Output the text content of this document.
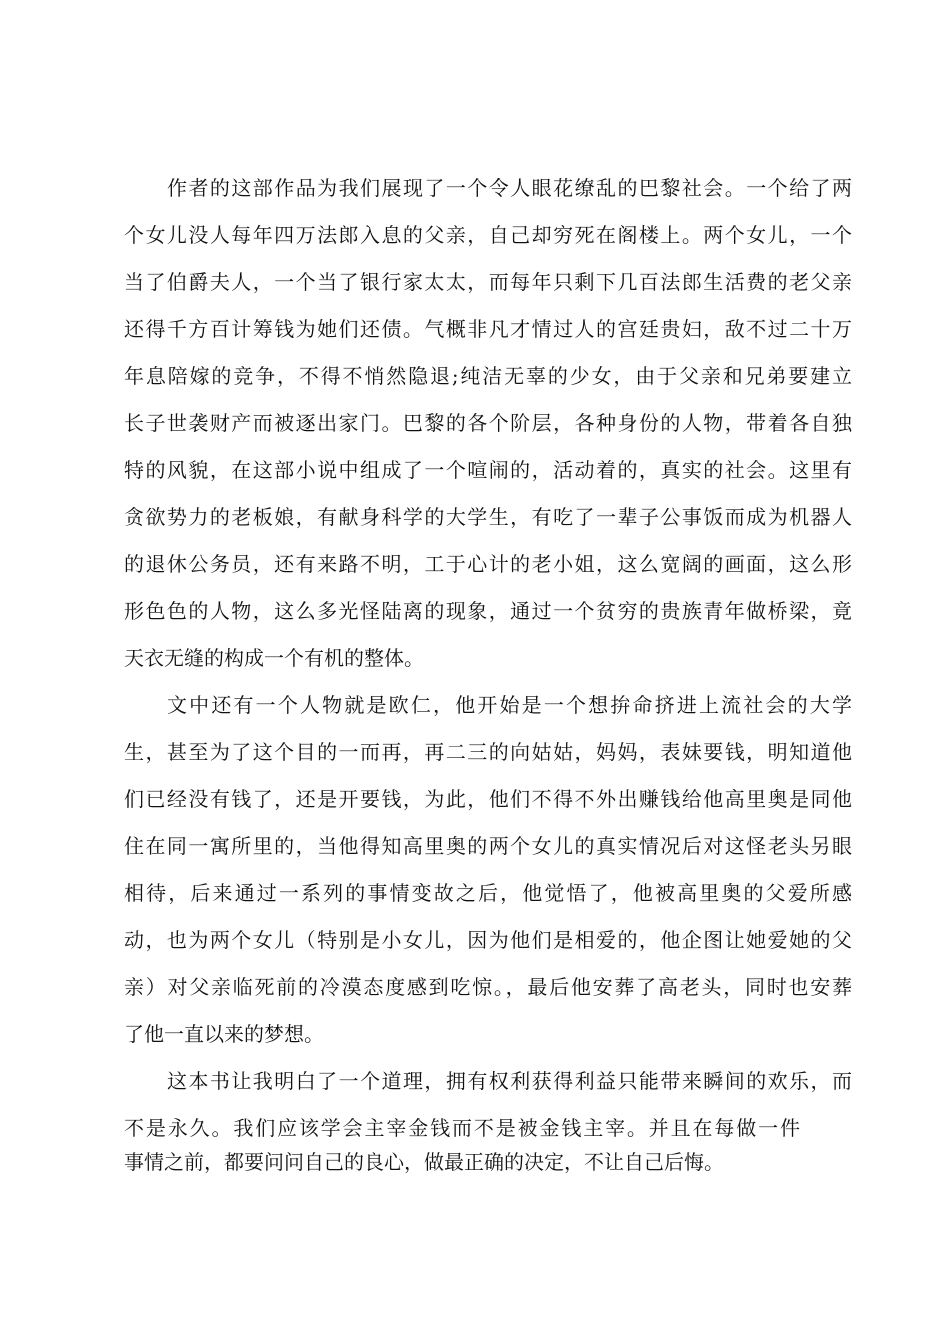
作者的这部作品为我们展现了一个令人眼花缭乱的巴黎社会。一个给了两
个女儿没人每年四万法郎入息的父亲，自己却穷死在阁楼上。两个女儿，一个
当了伯爵夫人，一个当了银行家太太，而每年只剩下几百法郎生活费的老父亲
还得千方百计筹钱为她们还债。气概非凡才情过人的宫廷贵妇，敌不过二十万
年息陪嫁的竞争，不得不悄然隐退;纯洁无辜的少女，由于父亲和兄弟要建立
长子世袭财产而被逐出家门。巴黎的各个阶层，各种身份的人物，带着各自独
特的风貌，在这部小说中组成了一个喧闹的，活动着的，真实的社会。这里有
贪欲势力的老板娘，有献身科学的大学生，有吃了一辈子公事饭而成为机器人
的退休公务员，还有来路不明，工于心计的老小姐，这么宽阔的画面，这么形
形色色的人物，这么多光怪陆离的现象，通过一个贫穷的贵族青年做桥梁，竟
天衣无缝的构成一个有机的整体。
文中还有一个人物就是欧仁，他开始是一个想拚命挤进上流社会的大学
生，甚至为了这个目的一而再，再二三的向姑姑，妈妈，表妹要钱，明知道他
们已经没有钱了，还是开要钱，为此，他们不得不外出赚钱给他高里奥是同他
住在同一寓所里的，当他得知高里奥的两个女儿的真实情况后对这怪老头另眼
相待，后来通过一系列的事情变故之后，他觉悟了，他被高里奥的父爱所感
动，也为两个女儿（特别是小女儿，因为他们是相爱的，他企图让她爱她的父
亲）对父亲临死前的冷漠态度感到吃惊。，最后他安葬了高老头，同时也安葬
了他一直以来的梦想。
这本书让我明白了一个道理，拥有权利获得利益只能带来瞬间的欢乐，而
不是永久。我们应该学会主宰金钱而不是被金钱主宰。并且在每做一件
事情之前，都要问问自己的良心，做最正确的决定，不让自己后悔。
